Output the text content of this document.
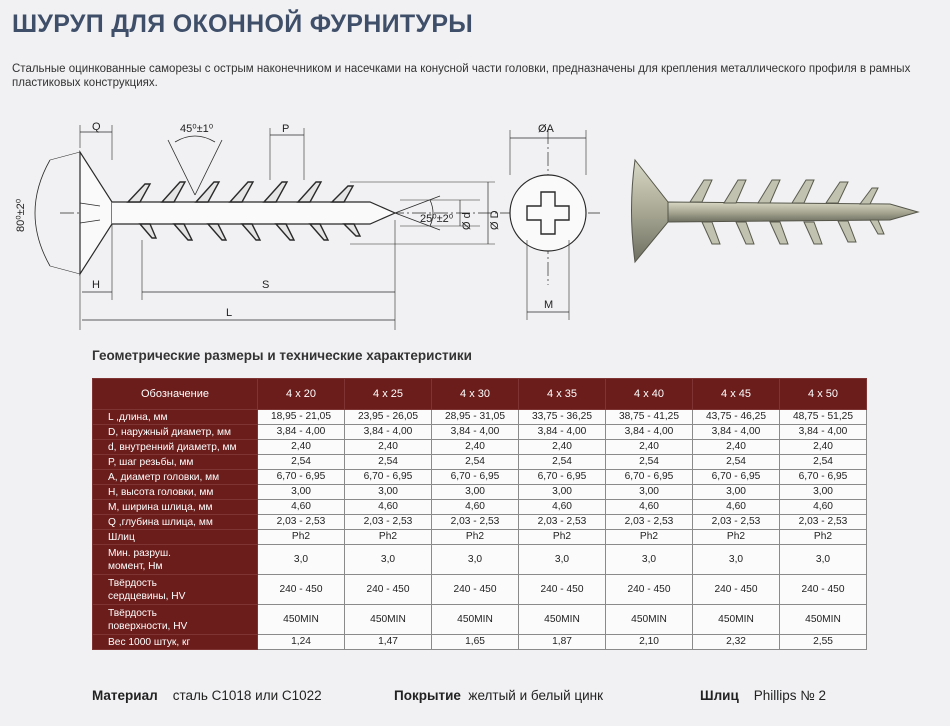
ШУРУП ДЛЯ ОКОННОЙ ФУРНИТУРЫ
Стальные оцинкованные саморезы с острым наконечником и насечками на конусной части головки, предназначены для крепления металлического профиля в рамных пластиковых конструкциях.
Q	45⁰±1⁰	P	ØA
80⁰±2⁰	25⁰±2⁰ Ø d Ø D
H	S
L
M
Геометрические размеры и технические характеристики
Обозначение	4 x 20	4 x 25	4 x 30	4 x 35	4 x 40	4 x 45	4 x 50
L ,длина, мм	18,95 - 21,05	23,95 - 26,05	28,95 - 31,05	33,75 - 36,25	38,75 - 41,25	43,75 - 46,25	48,75 - 51,25
D, наружный диаметр, мм	3,84 - 4,00	3,84 - 4,00	3,84 - 4,00	3,84 - 4,00	3,84 - 4,00	3,84 - 4,00	3,84 - 4,00
d, внутренний диаметр, мм	2,40	2,40	2,40	2,40	2,40	2,40	2,40
P, шаг резьбы, мм	2,54	2,54	2,54	2,54	2,54	2,54	2,54
A, диаметр головки, мм	6,70 - 6,95	6,70 - 6,95	6,70 - 6,95	6,70 - 6,95	6,70 - 6,95	6,70 - 6,95	6,70 - 6,95
H, высота головки, мм	3,00	3,00	3,00	3,00	3,00	3,00	3,00
M, ширина шлица, мм	4,60	4,60	4,60	4,60	4,60	4,60	4,60
Q ,глубина шлица, мм	2,03 - 2,53	2,03 - 2,53	2,03 - 2,53	2,03 - 2,53	2,03 - 2,53	2,03 - 2,53	2,03 - 2,53
Шлиц	Ph2	Ph2	Ph2	Ph2	Ph2	Ph2	Ph2
Мин. разруш.
момент, Нм	3,0	3,0	3,0	3,0	3,0	3,0	3,0
Твёрдость
сердцевины, HV	240 - 450	240 - 450	240 - 450	240 - 450	240 - 450	240 - 450	240 - 450
Твёрдость
поверхности, HV	450MIN	450MIN	450MIN	450MIN	450MIN	450MIN	450MIN
Вес 1000 штук, кг	1,24	1,47	1,65	1,87	2,10	2,32	2,55
Материал сталь С1018 или С1022	Покрытие желтый и белый цинк	Шлиц Phillips № 2
